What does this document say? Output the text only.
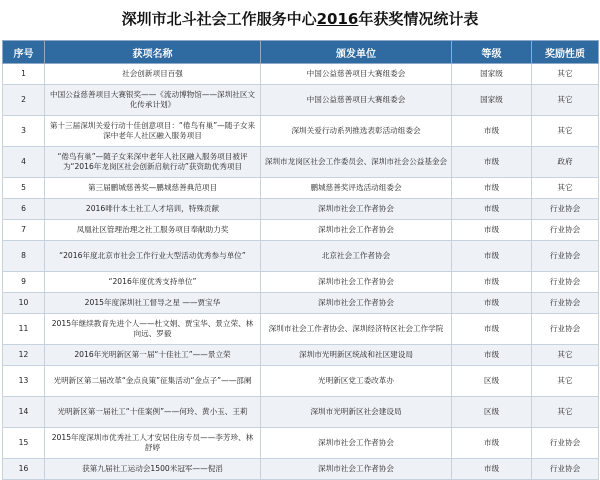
深圳市北斗社会工作服务中心2016年获奖情况统计表
序号	获项名称	颁发单位	等级	奖励性质
1	社会创新项目百强	中国公益慈善项目大赛组委会	国家级	其它
2	中国公益慈善项目大赛银奖——《流动博物馆——深圳社区文化传承计划》	中国公益慈善项目大赛组委会	国家级	其它
3	第十三届深圳关爱行动十佳创意项目：“倦鸟有巢”—随子女来深中老年人社区融入服务项目	深圳关爱行动系列推选表彰活动组委会	市级	其它
4	“倦鸟有巢”—随子女来深中老年人社区融入服务项目被评为“2016年龙岗区社会创新启航行动”获资助优秀项目	深圳市龙岗区社会工作委员会、深圳市社会公益基金会	市级	政府
5	第三届鹏城慈善奖—鹏城慈善典范项目	鹏城慈善奖评选活动组委会	市级	其它
6	2016啡什本土社工人才培训，特殊贡献	深圳市社会工作者协会	市级	行业协会
7	凤凰社区管理治理之社工服务项目奉献助力奖	深圳市社会工作者协会	市级	行业协会
8	“2016年度北京市社会工作行业大型活动优秀参与单位”	北京社会工作者协会	市级	行业协会
9	“2016年度优秀支持单位”	深圳市社会工作者协会	市级	行业协会
10	2015年度深圳社工督导之星 ——贾宝华	深圳市社会工作者协会	市级	行业协会
11	2015年继续教育先进个人——杜文娟、贾宝华、景立荣、林向远、罗毅	深圳市社会工作者协会、深圳经济特区社会工作学院	市级	行业协会
12	2016年光明新区第一届“十佳社工”——景立荣	深圳市光明新区统战和社区建设局	市级	其它
13	光明新区第二届改革“金点良策”征集活动“金点子”——邵阑	光明新区党工委改革办	区级	其它
14	光明新区第一届社工“十佳案例”——何玲、黄小玉、王莉	深圳市光明新区社会建设局	区级	其它
15	2015年度深圳市优秀社工人才安居住房专员——李芳珍、林舒婷	深圳市社会工作者协会	市级	行业协会
16	获第九届社工运动会1500米冠军——倪滔	深圳市社会工作者协会	市级	行业协会
